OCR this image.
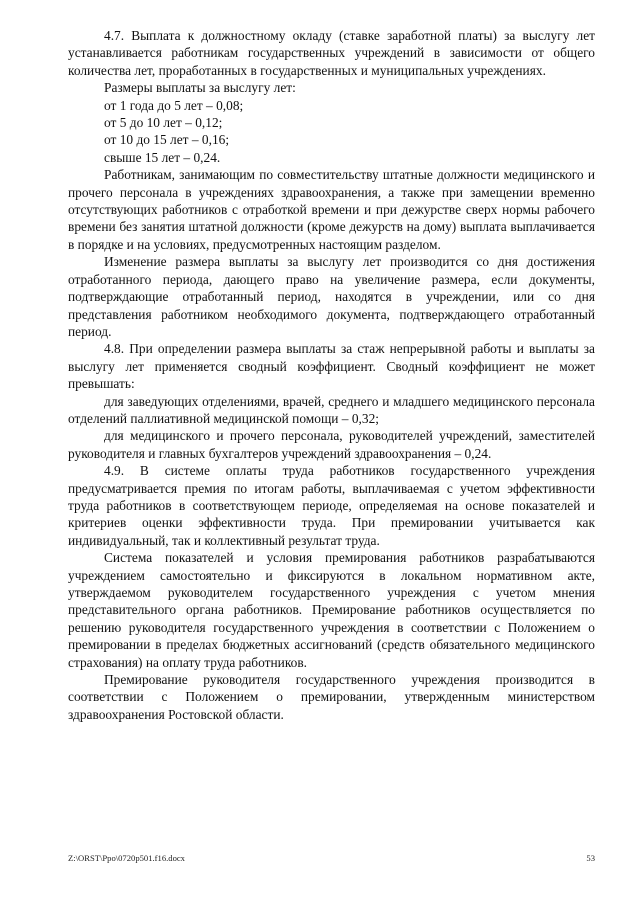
4.7. Выплата к должностному окладу (ставке заработной платы) за выслугу лет устанавливается работникам государственных учреждений в зависимости от общего количества лет, проработанных в государственных и муниципальных учреждениях.

Размеры выплаты за выслугу лет:

от 1 года до 5 лет – 0,08;

от 5 до 10 лет – 0,12;

от 10 до 15 лет – 0,16;

свыше 15 лет – 0,24.

Работникам, занимающим по совместительству штатные должности медицинского и прочего персонала в учреждениях здравоохранения, а также при замещении временно отсутствующих работников с отработкой времени и при дежурстве сверх нормы рабочего времени без занятия штатной должности (кроме дежурств на дому) выплата выплачивается в порядке и на условиях, предусмотренных настоящим разделом.

Изменение размера выплаты за выслугу лет производится со дня достижения отработанного периода, дающего право на увеличение размера, если документы, подтверждающие отработанный период, находятся в учреждении, или со дня представления работником необходимого документа, подтверждающего отработанный период.

4.8. При определении размера выплаты за стаж непрерывной работы и выплаты за выслугу лет применяется сводный коэффициент. Сводный коэффициент не может превышать:

для заведующих отделениями, врачей, среднего и младшего медицинского персонала отделений паллиативной медицинской помощи – 0,32;

для медицинского и прочего персонала, руководителей учреждений, заместителей руководителя и главных бухгалтеров учреждений здравоохранения – 0,24.

4.9. В системе оплаты труда работников государственного учреждения предусматривается премия по итогам работы, выплачиваемая с учетом эффективности труда работников в соответствующем периоде, определяемая на основе показателей и критериев оценки эффективности труда. При премировании учитывается как индивидуальный, так и коллективный результат труда.

Система показателей и условия премирования работников разрабатываются учреждением самостоятельно и фиксируются в локальном нормативном акте, утверждаемом руководителем государственного учреждения с учетом мнения представительного органа работников. Премирование работников осуществляется по решению руководителя государственного учреждения в соответствии с Положением о премировании в пределах бюджетных ассигнований (средств обязательного медицинского страхования) на оплату труда работников.

Премирование руководителя государственного учреждения производится в соответствии с Положением о премировании, утвержденным министерством здравоохранения Ростовской области.

Z:\ORST\Ppo\0720p501.f16.docx	53
